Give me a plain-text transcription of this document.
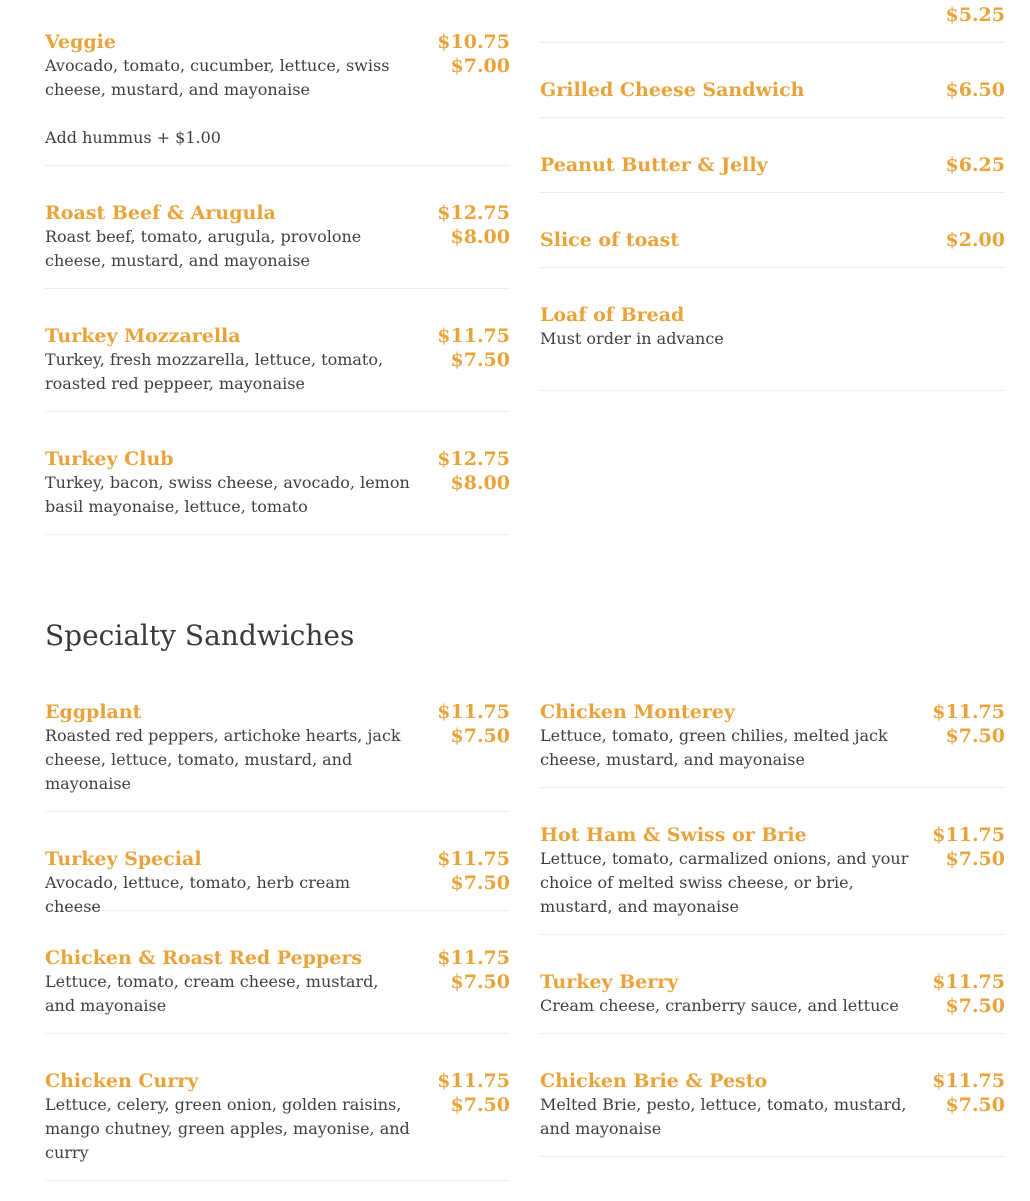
Veggie	$10.75
$7.00
Avocado, tomato, cucumber, lettuce, swiss cheese, mustard, and mayonaise
Add hummus + $1.00
Roast Beef & Arugula	$12.75
$8.00
Roast beef, tomato, arugula, provolone cheese, mustard, and mayonaise
Turkey Mozzarella	$11.75
$7.50
Turkey, fresh mozzarella, lettuce, tomato, roasted red peppeer, mayonaise
Turkey Club	$12.75
$8.00
Turkey, bacon, swiss cheese, avocado, lemon basil mayonaise, lettuce, tomato
$5.25
Grilled Cheese Sandwich	$6.50
Peanut Butter & Jelly	$6.25
Slice of toast	$2.00
Loaf of Bread
Must order in advance
Specialty Sandwiches
Eggplant	$11.75
$7.50
Roasted red peppers, artichoke hearts, jack cheese, lettuce, tomato, mustard, and mayonaise
Turkey Special	$11.75
$7.50
Avocado, lettuce, tomato, herb cream cheese
Chicken & Roast Red Peppers	$11.75
$7.50
Lettuce, tomato, cream cheese, mustard, and mayonaise
Chicken Curry	$11.75
$7.50
Lettuce, celery, green onion, golden raisins, mango chutney, green apples, mayonise, and curry
Chicken Monterey	$11.75
$7.50
Lettuce, tomato, green chilies, melted jack cheese, mustard, and mayonaise
Hot Ham & Swiss or Brie	$11.75
$7.50
Lettuce, tomato, carmalized onions, and your choice of melted swiss cheese, or brie, mustard, and mayonaise
Turkey Berry	$11.75
$7.50
Cream cheese, cranberry sauce, and lettuce
Chicken Brie & Pesto	$11.75
$7.50
Melted Brie, pesto, lettuce, tomato, mustard, and mayonaise
